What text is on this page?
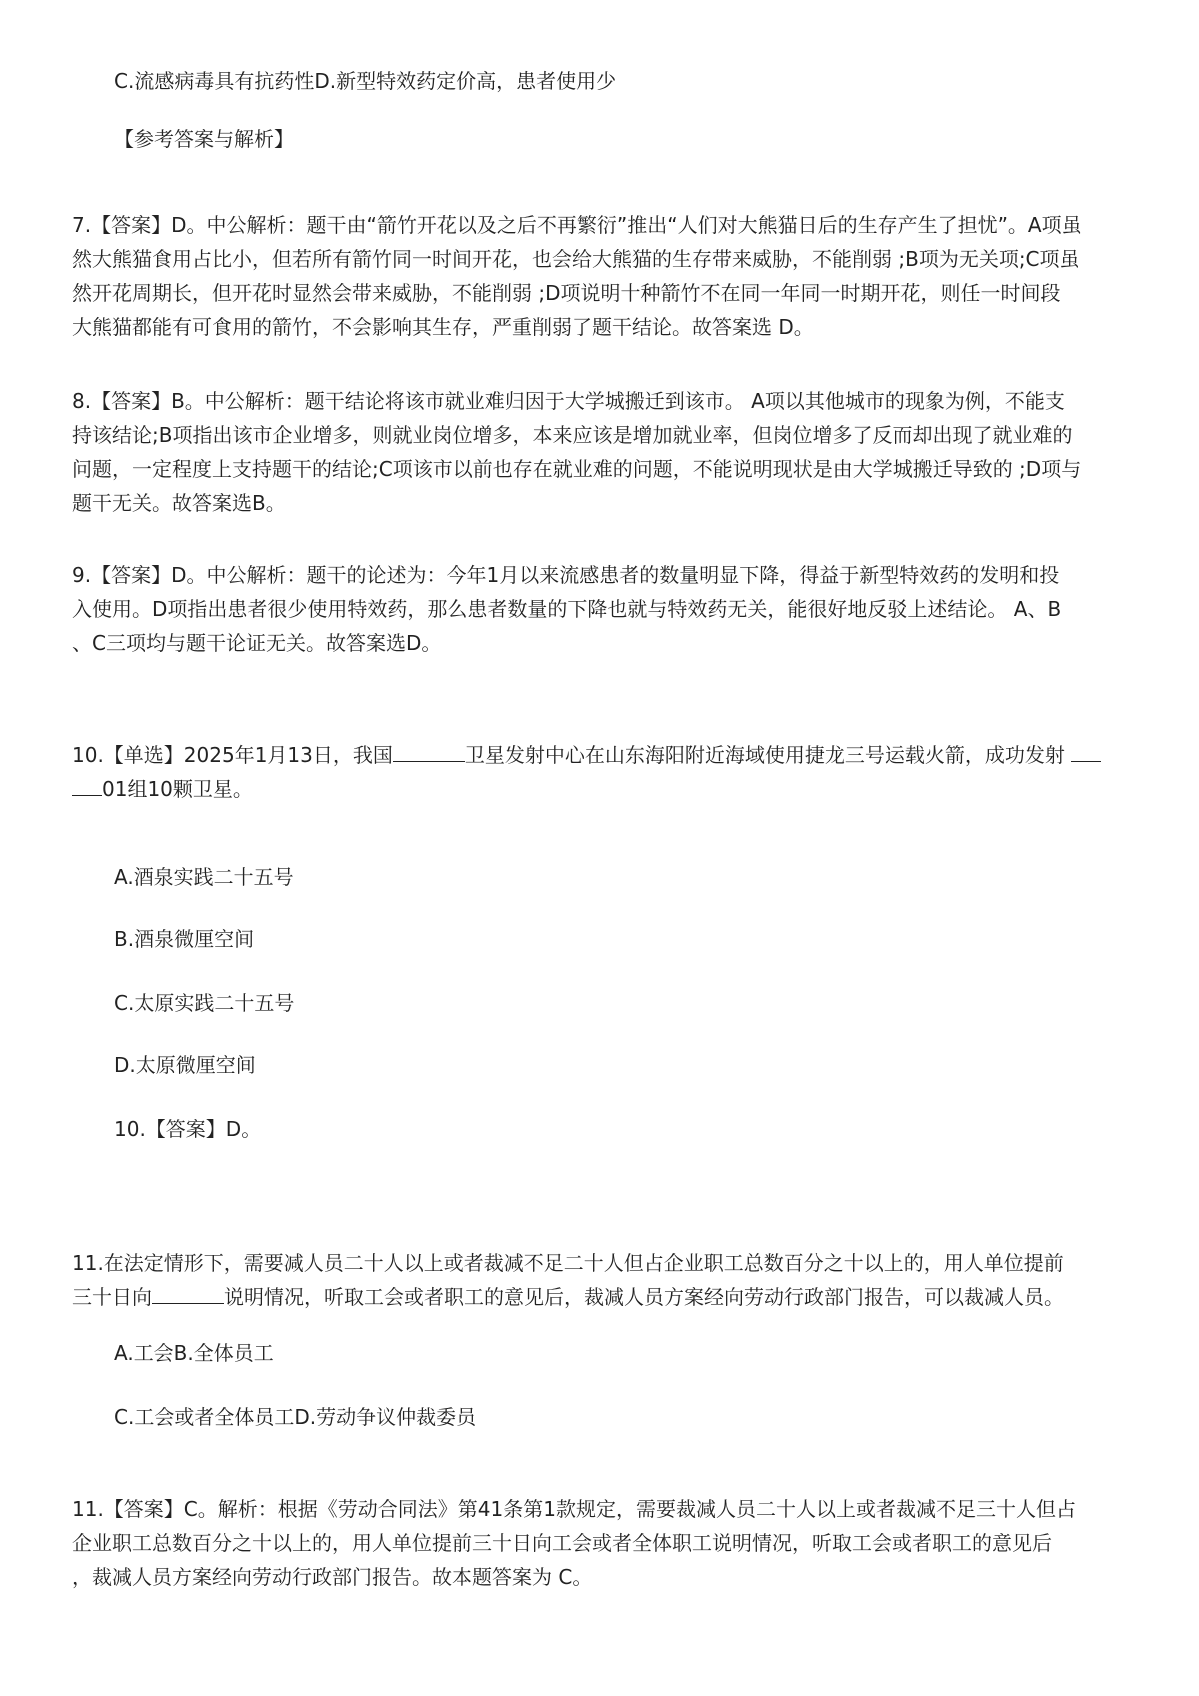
C.流感病毒具有抗药性D.新型特效药定价高，患者使用少

【参考答案与解析】

7.【答案】D。中公解析：题干由“箭竹开花以及之后不再繁衍”推出“人们对大熊猫日后的生存产生了担忧”。A项虽
然大熊猫食用占比小，但若所有箭竹同一时间开花，也会给大熊猫的生存带来威胁，不能削弱 ;B项为无关项;C项虽
然开花周期长，但开花时显然会带来威胁，不能削弱 ;D项说明十种箭竹不在同一年同一时期开花，则任一时间段
大熊猫都能有可食用的箭竹，不会影响其生存，严重削弱了题干结论。故答案选 D。
8.【答案】B。中公解析：题干结论将该市就业难归因于大学城搬迁到该市。 A项以其他城市的现象为例，不能支
持该结论;B项指出该市企业增多，则就业岗位增多，本来应该是增加就业率，但岗位增多了反而却出现了就业难的
问题，一定程度上支持题干的结论;C项该市以前也存在就业难的问题，不能说明现状是由大学城搬迁导致的 ;D项与
题干无关。故答案选B。
9.【答案】D。中公解析：题干的论述为：今年1月以来流感患者的数量明显下降，得益于新型特效药的发明和投
入使用。D项指出患者很少使用特效药，那么患者数量的下降也就与特效药无关，能很好地反驳上述结论。 A、B
、C三项均与题干论证无关。故答案选D。
10.【单选】2025年1月13日，我国	卫星发射中心在山东海阳附近海域使用捷龙三号运载火箭，成功发射
01组10颗卫星。

A.酒泉实践二十五号

B.酒泉微厘空间

C.太原实践二十五号

D.太原微厘空间

10.【答案】D。

11.在法定情形下，需要减人员二十人以上或者裁减不足二十人但占企业职工总数百分之十以上的，用人单位提前
三十日向	说明情况，听取工会或者职工的意见后，裁减人员方案经向劳动行政部门报告，可以裁减人员。

A.工会B.全体员工

C.工会或者全体员工D.劳动争议仲裁委员

11.【答案】C。解析：根据《劳动合同法》第41条第1款规定，需要裁减人员二十人以上或者裁减不足三十人但占
企业职工总数百分之十以上的，用人单位提前三十日向工会或者全体职工说明情况，听取工会或者职工的意见后
，裁减人员方案经向劳动行政部门报告。故本题答案为 C。
